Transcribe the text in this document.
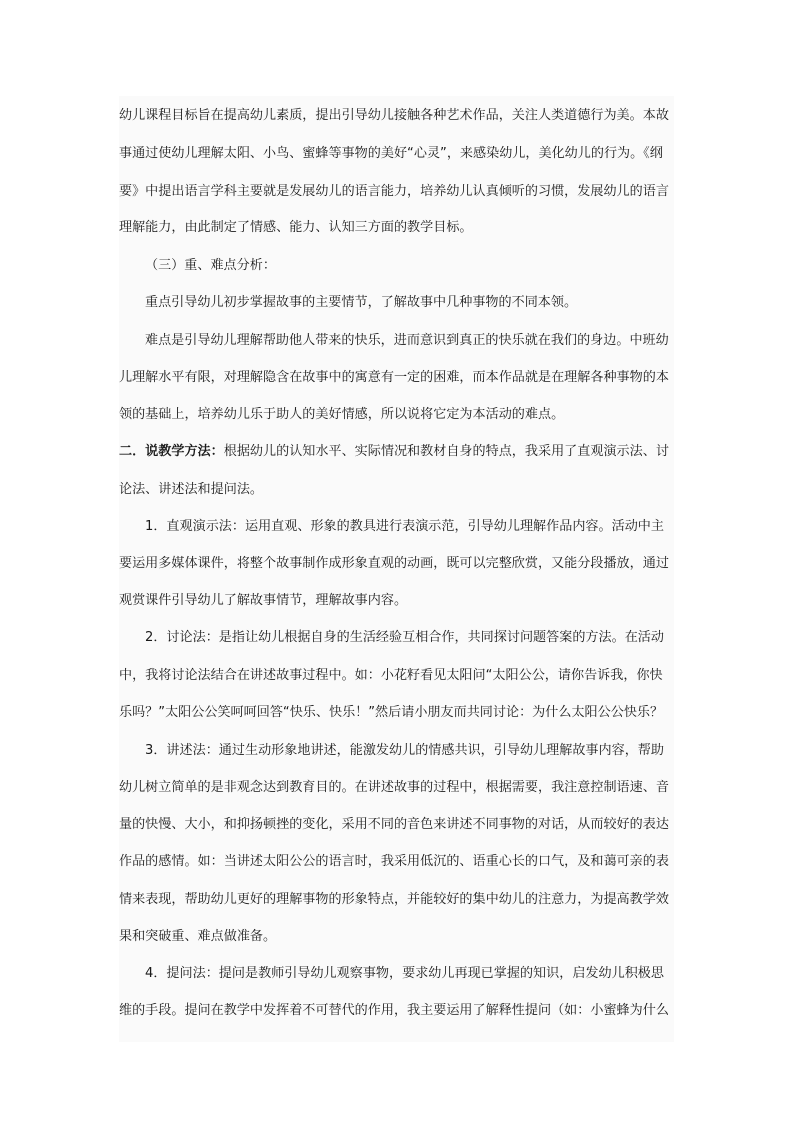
幼儿课程目标旨在提高幼儿素质，提出引导幼儿接触各种艺术作品，关注人类道德行为美。本故
事通过使幼儿理解太阳、小鸟、蜜蜂等事物的美好“心灵”，来感染幼儿，美化幼儿的行为。《纲
要》中提出语言学科主要就是发展幼儿的语言能力，培养幼儿认真倾听的习惯，发展幼儿的语言
理解能力，由此制定了情感、能力、认知三方面的教学目标。
（三）重、难点分析：
重点引导幼儿初步掌握故事的主要情节，了解故事中几种事物的不同本领。
难点是引导幼儿理解帮助他人带来的快乐，进而意识到真正的快乐就在我们的身边。中班幼
儿理解水平有限，对理解隐含在故事中的寓意有一定的困难，而本作品就是在理解各种事物的本
领的基础上，培养幼儿乐于助人的美好情感，所以说将它定为本活动的难点。
二．说教学方法：根据幼儿的认知水平、实际情况和教材自身的特点，我采用了直观演示法、讨
论法、讲述法和提问法。
1．直观演示法：运用直观、形象的教具进行表演示范，引导幼儿理解作品内容。活动中主
要运用多媒体课件，将整个故事制作成形象直观的动画，既可以完整欣赏，又能分段播放，通过
观赏课件引导幼儿了解故事情节，理解故事内容。
2．讨论法：是指让幼儿根据自身的生活经验互相合作，共同探讨问题答案的方法。在活动
中，我将讨论法结合在讲述故事过程中。如：小花籽看见太阳问“太阳公公，请你告诉我，你快
乐吗？”太阳公公笑呵呵回答“快乐、快乐！”然后请小朋友而共同讨论：为什么太阳公公快乐？
3．讲述法：通过生动形象地讲述，能激发幼儿的情感共识，引导幼儿理解故事内容，帮助
幼儿树立简单的是非观念达到教育目的。在讲述故事的过程中，根据需要，我注意控制语速、音
量的快慢、大小，和抑扬顿挫的变化，采用不同的音色来讲述不同事物的对话，从而较好的表达
作品的感情。如：当讲述太阳公公的语言时，我采用低沉的、语重心长的口气，及和蔼可亲的表
情来表现，帮助幼儿更好的理解事物的形象特点，并能较好的集中幼儿的注意力，为提高教学效
果和突破重、难点做准备。
4．提问法：提问是教师引导幼儿观察事物，要求幼儿再现已掌握的知识，启发幼儿积极思
维的手段。提问在教学中发挥着不可替代的作用，我主要运用了解释性提问（如：小蜜蜂为什么
